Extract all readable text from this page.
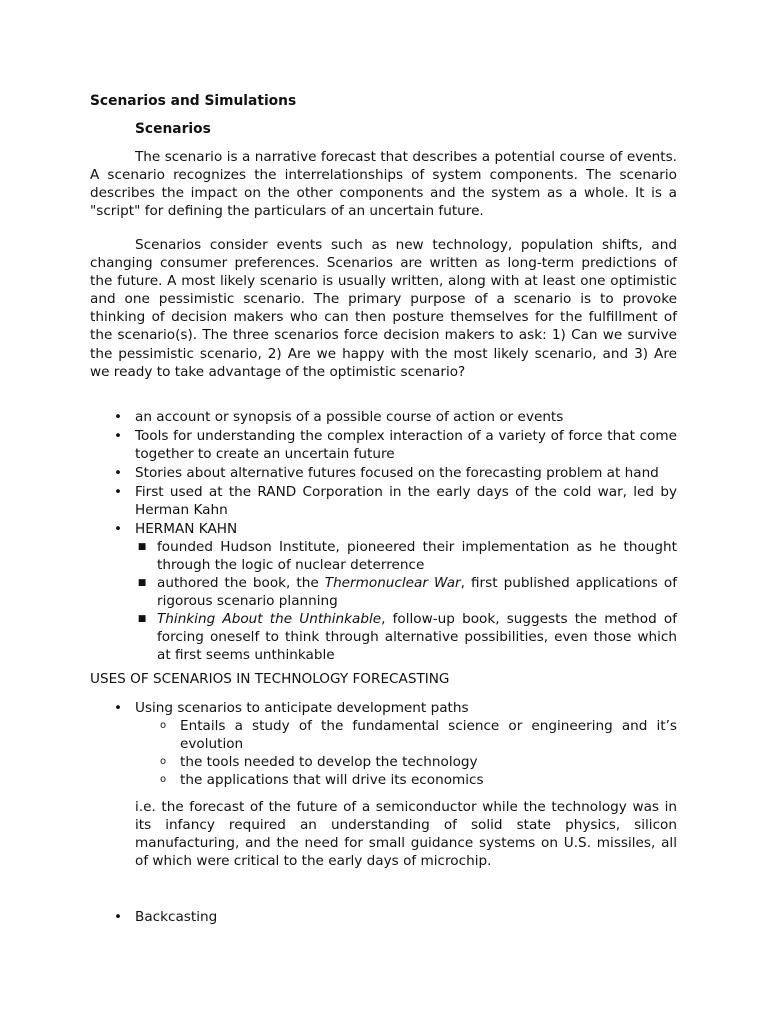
Scenarios and Simulations
Scenarios

The scenario is a narrative forecast that describes a potential course of events. A scenario recognizes the interrelationships of system components. The scenario describes the impact on the other components and the system as a whole. It is a "script" for defining the particulars of an uncertain future.

Scenarios consider events such as new technology, population shifts, and changing consumer preferences. Scenarios are written as long-term predictions of the future. A most likely scenario is usually written, along with at least one optimistic and one pessimistic scenario. The primary purpose of a scenario is to provoke thinking of decision makers who can then posture themselves for the fulfillment of the scenario(s). The three scenarios force decision makers to ask: 1) Can we survive the pessimistic scenario, 2) Are we happy with the most likely scenario, and 3) Are we ready to take advantage of the optimistic scenario?

• an account or synopsis of a possible course of action or events
• Tools for understanding the complex interaction of a variety of force that come together to create an uncertain future
• Stories about alternative futures focused on the forecasting problem at hand
• First used at the RAND Corporation in the early days of the cold war, led by Herman Kahn
• HERMAN KAHN
■ founded Hudson Institute, pioneered their implementation as he thought through the logic of nuclear deterrence
■ authored the book, the Thermonuclear War, first published applications of rigorous scenario planning
■ Thinking About the Unthinkable, follow-up book, suggests the method of forcing oneself to think through alternative possibilities, even those which at first seems unthinkable

USES OF SCENARIOS IN TECHNOLOGY FORECASTING

• Using scenarios to anticipate development paths
o Entails a study of the fundamental science or engineering and it’s evolution
o the tools needed to develop the technology
o the applications that will drive its economics

i.e. the forecast of the future of a semiconductor while the technology was in its infancy required an understanding of solid state physics, silicon manufacturing, and the need for small guidance systems on U.S. missiles, all of which were critical to the early days of microchip.

• Backcasting
